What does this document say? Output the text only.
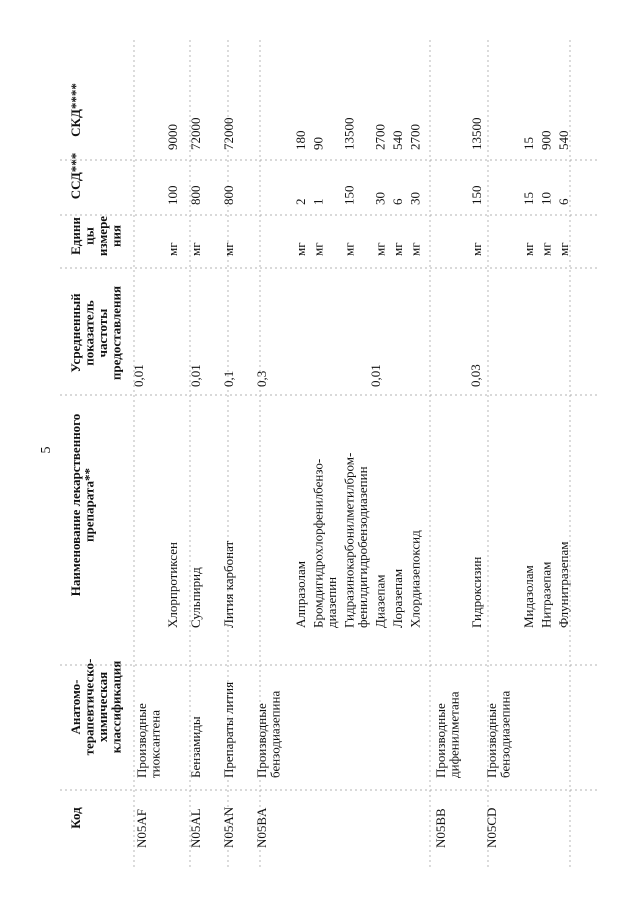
5
Код
Анатомо-
терапевтическо-
химическая
классификация
Наименование лекарственного
препарата**
Усредненный
показатель
частоты
предоставления
Едини
цы
измере
ния
ССД***
СКД****
N05AF
Производные
тиоксантена
0,01
Хлорпротиксен
мг
100
9000
N05AL
Бензамиды
0,01
Сульпирид
мг
800
72000
N05AN
Препараты лития
0,1
Лития карбонат
мг
800
72000
N05BA
Производные
бензодиазепина
0,3
Алпразолам
мг
2
180
Бромдигидрохлорфенилбензо-
диазепин
мг
1
90
Гидразинокарбонилметилбром-
фенилдигидробензодиазепин
мг
150
13500
Диазепам
мг
30
2700
Лоразепам
мг
6
540
Хлордиазепоксид
мг
30
2700
N05BB
Производные
дифенилметана
0,01
Гидроксизин
мг
150
13500
N05CD
Производные
бензодиазепина
0,03
Мидазолам
мг
15
15
Нитразепам
мг
10
900
Флунитразепам
мг
6
540
